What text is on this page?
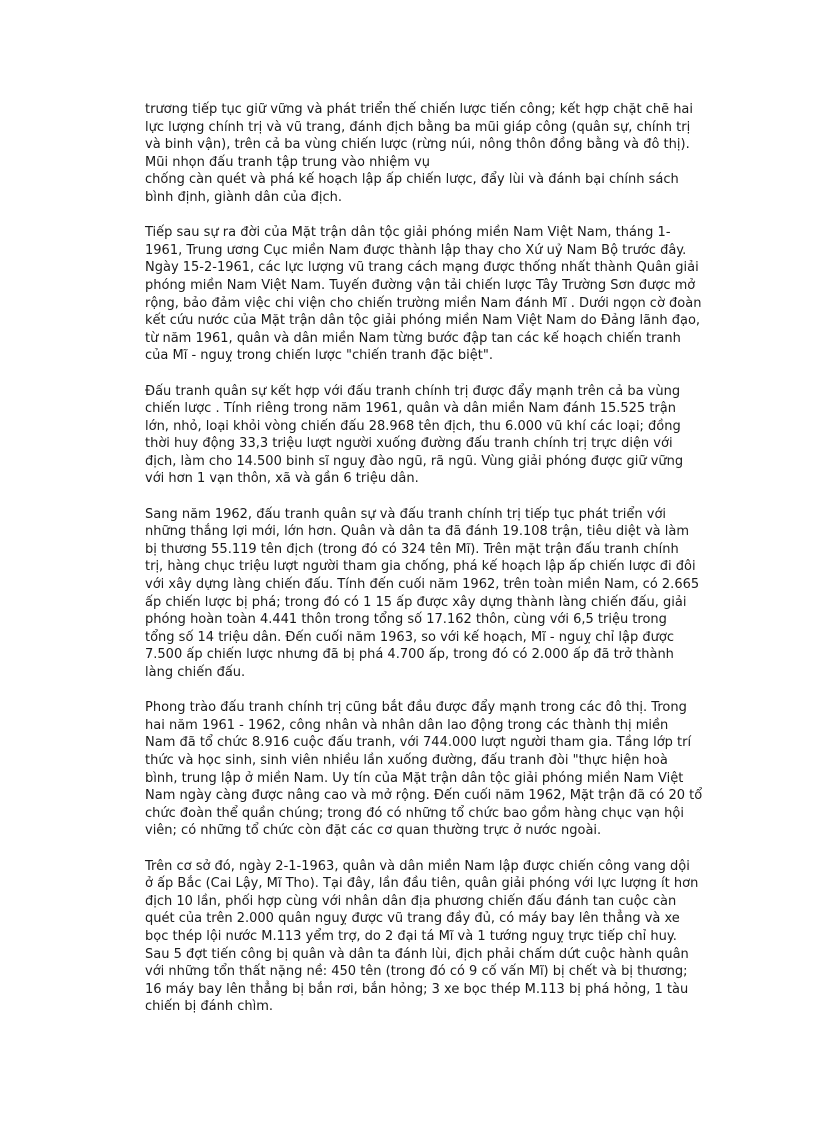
trương tiếp tục giữ vững và phát triển thế chiến lược tiến công; kết hợp chặt chẽ hai
lực lượng chính trị và vũ trang, đánh địch bằng ba mũi giáp công (quân sự, chính trị
và binh vận), trên cả ba vùng chiến lược (rừng núi, nông thôn đồng bằng và đô thị).
Mũi nhọn đấu tranh tập trung vào nhiệm vụ
chống càn quét và phá kế hoạch lập ấp chiến lược, đẩy lùi và đánh bại chính sách
bình định, giành dân của địch.
Tiếp sau sự ra đời của Mặt trận dân tộc giải phóng miền Nam Việt Nam, tháng 1-
1961, Trung ương Cục miền Nam được thành lập thay cho Xứ uỷ Nam Bộ trước đây.
Ngày 15-2-1961, các lực lượng vũ trang cách mạng được thống nhất thành Quân giải
phóng miền Nam Việt Nam. Tuyến đường vận tải chiến lược Tây Trường Sơn được mở
rộng, bảo đảm việc chi viện cho chiến trường miền Nam đánh Mĩ . Dưới ngọn cờ đoàn
kết cứu nước của Mặt trận dân tộc giải phóng miền Nam Việt Nam do Đảng lãnh đạo,
từ năm 1961, quân và dân miền Nam từng bước đập tan các kế hoạch chiến tranh
của Mĩ - nguỵ trong chiến lược "chiến tranh đặc biệt".
Đấu tranh quân sự kết hợp với đấu tranh chính trị được đẩy mạnh trên cả ba vùng
chiến lược . Tính riêng trong năm 1961, quân và dân miền Nam đánh 15.525 trận
lớn, nhỏ, loại khỏi vòng chiến đấu 28.968 tên địch, thu 6.000 vũ khí các loại; đồng
thời huy động 33,3 triệu lượt người xuống đường đấu tranh chính trị trực diện với
địch, làm cho 14.500 binh sĩ nguỵ đào ngũ, rã ngũ. Vùng giải phóng được giữ vững
với hơn 1 vạn thôn, xã và gần 6 triệu dân.
Sang năm 1962, đấu tranh quân sự và đấu tranh chính trị tiếp tục phát triển với
những thắng lợi mới, lớn hơn. Quân và dân ta đã đánh 19.108 trận, tiêu diệt và làm
bị thương 55.119 tên địch (trong đó có 324 tên Mĩ). Trên mặt trận đấu tranh chính
trị, hàng chục triệu lượt người tham gia chống, phá kế hoạch lập ấp chiến lược đi đôi
với xây dựng làng chiến đấu. Tính đến cuối năm 1962, trên toàn miền Nam, có 2.665
ấp chiến lược bị phá; trong đó có 1 15 ấp được xây dựng thành làng chiến đấu, giải
phóng hoàn toàn 4.441 thôn trong tổng số 17.162 thôn, cùng với 6,5 triệu trong
tổng số 14 triệu dân. Đến cuối năm 1963, so với kế hoạch, Mĩ - nguỵ chỉ lập được
7.500 ấp chiến lược nhưng đã bị phá 4.700 ấp, trong đó có 2.000 ấp đã trở thành
làng chiến đấu.
Phong trào đấu tranh chính trị cũng bắt đầu được đẩy mạnh trong các đô thị. Trong
hai năm 1961 - 1962, công nhân và nhân dân lao động trong các thành thị miền
Nam đã tổ chức 8.916 cuộc đấu tranh, với 744.000 lượt người tham gia. Tầng lớp trí
thức và học sinh, sinh viên nhiều lần xuống đường, đấu tranh đòi "thực hiện hoà
bình, trung lập ở miền Nam. Uy tín của Mặt trận dân tộc giải phóng miền Nam Việt
Nam ngày càng được nâng cao và mở rộng. Đến cuối năm 1962, Mặt trận đã có 20 tổ
chức đoàn thể quần chúng; trong đó có những tổ chức bao gồm hàng chục vạn hội
viên; có những tổ chức còn đặt các cơ quan thường trực ở nước ngoài.
Trên cơ sở đó, ngày 2-1-1963, quân và dân miền Nam lập được chiến công vang dội
ở ấp Bắc (Cai Lậy, Mĩ Tho). Tại đây, lần đầu tiên, quân giải phóng với lực lượng ít hơn
địch 10 lần, phối hợp cùng với nhân dân địa phương chiến đấu đánh tan cuộc càn
quét của trên 2.000 quân nguỵ được vũ trang đầy đủ, có máy bay lên thẳng và xe
bọc thép lội nước M.113 yểm trợ, do 2 đại tá Mĩ và 1 tướng nguỵ trực tiếp chỉ huy.
Sau 5 đợt tiến công bị quân và dân ta đánh lùi, địch phải chấm dứt cuộc hành quân
với những tổn thất nặng nề: 450 tên (trong đó có 9 cố vấn Mĩ) bị chết và bị thương;
16 máy bay lên thẳng bị bắn rơi, bắn hỏng; 3 xe bọc thép M.113 bị phá hỏng, 1 tàu
chiến bị đánh chìm.
